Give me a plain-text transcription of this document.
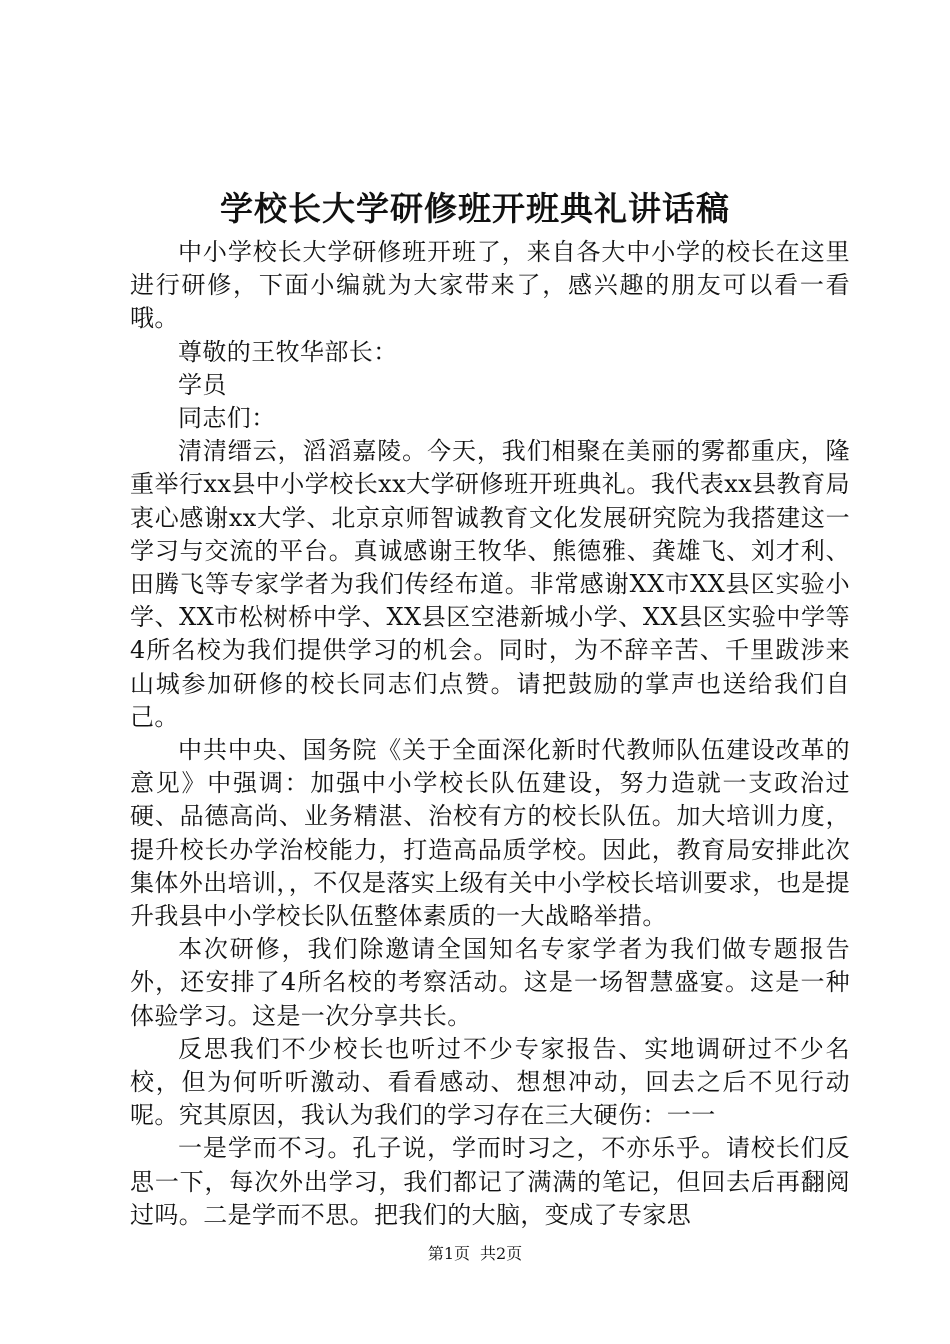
学校长大学研修班开班典礼讲话稿

中小学校长大学研修班开班了，来自各大中小学的校长在这里进行研修，下面小编就为大家带来了，感兴趣的朋友可以看一看哦。

尊敬的王牧华部长：

学员

同志们：

清清缙云，滔滔嘉陵。今天，我们相聚在美丽的雾都重庆，隆重举行xx县中小学校长xx大学研修班开班典礼。我代表xx县教育局衷心感谢xx大学、北京京师智诚教育文化发展研究院为我搭建这一学习与交流的平台。真诚感谢王牧华、熊德雅、龚雄飞、刘才利、田腾飞等专家学者为我们传经布道。非常感谢XX市XX县区实验小学、XX市松树桥中学、XX县区空港新城小学、XX县区实验中学等4所名校为我们提供学习的机会。同时，为不辞辛苦、千里跋涉来山城参加研修的校长同志们点赞。请把鼓励的掌声也送给我们自己。

中共中央、国务院《关于全面深化新时代教师队伍建设改革的意见》中强调：加强中小学校长队伍建设，努力造就一支政治过硬、品德高尚、业务精湛、治校有方的校长队伍。加大培训力度，提升校长办学治校能力，打造高品质学校。因此，教育局安排此次集体外出培训，，不仅是落实上级有关中小学校长培训要求，也是提升我县中小学校长队伍整体素质的一大战略举措。

本次研修，我们除邀请全国知名专家学者为我们做专题报告外，还安排了4所名校的考察活动。这是一场智慧盛宴。这是一种体验学习。这是一次分享共长。

反思我们不少校长也听过不少专家报告、实地调研过不少名校，但为何听听激动、看看感动、想想冲动，回去之后不见行动呢。究其原因，我认为我们的学习存在三大硬伤：一一

一是学而不习。孔子说，学而时习之，不亦乐乎。请校长们反思一下，每次外出学习，我们都记了满满的笔记，但回去后再翻阅过吗。二是学而不思。把我们的大脑，变成了专家思

第1页 共2页
